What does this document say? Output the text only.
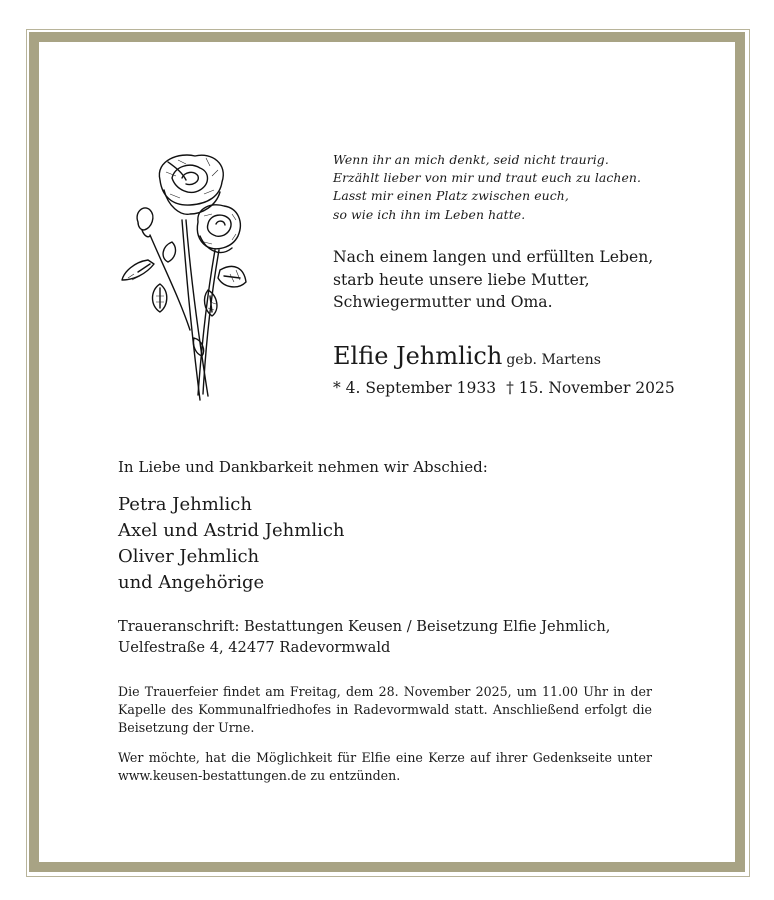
Wenn ihr an mich denkt, seid nicht traurig.
Erzählt lieber von mir und traut euch zu lachen.
Lasst mir einen Platz zwischen euch,
so wie ich ihn im Leben hatte.
Nach einem langen und erfüllten Leben,
starb heute unsere liebe Mutter,
Schwiegermutter und Oma.
Elfie Jehmlich geb. Martens
* 4. September 1933 † 15. November 2025
In Liebe und Dankbarkeit nehmen wir Abschied:
Petra Jehmlich
Axel und Astrid Jehmlich
Oliver Jehmlich
und Angehörige
Traueranschrift: Bestattungen Keusen / Beisetzung Elfie Jehmlich,
Uelfestraße 4, 42477 Radevormwald
Die Trauerfeier findet am Freitag, dem 28. November 2025, um 11.00 Uhr in der Kapelle des Kommunalfriedhofes in Radevormwald statt. Anschließend erfolgt die Beisetzung der Urne.
Wer möchte, hat die Möglichkeit für Elfie eine Kerze auf ihrer Gedenkseite unter www.keusen-bestattungen.de zu entzünden.
